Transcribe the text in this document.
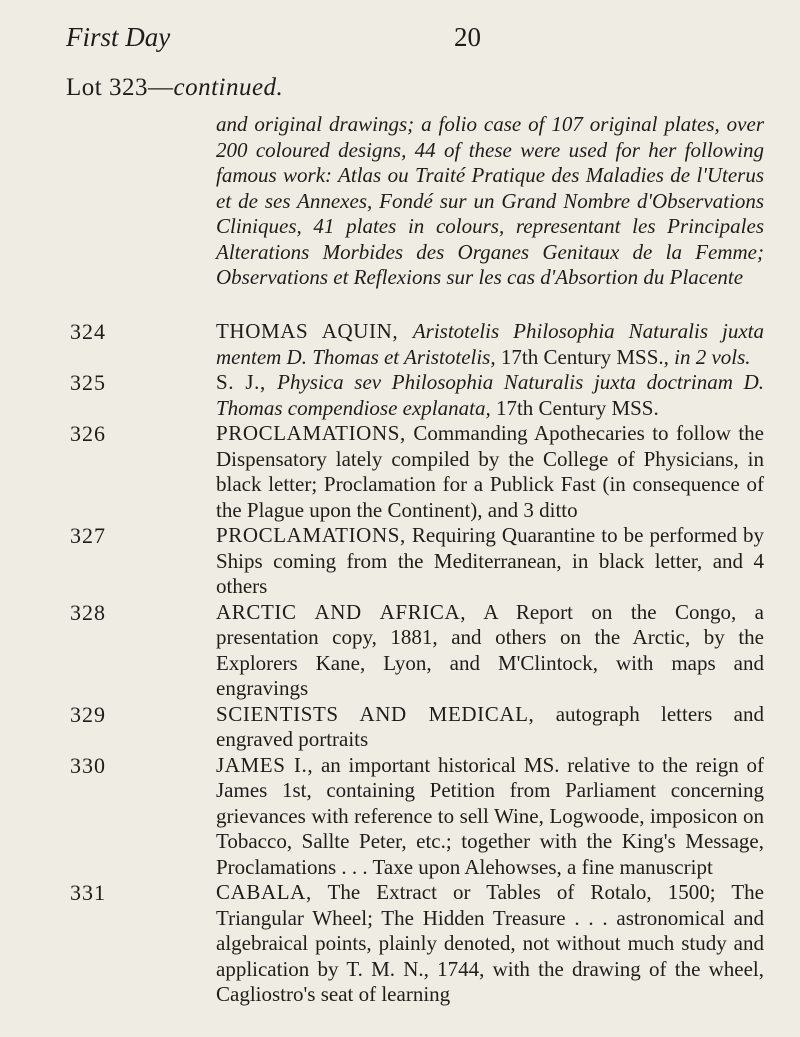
First Day	20
Lot 323—continued.
and original drawings; a folio case of 107 original plates, over 200 coloured designs, 44 of these were used for her following famous work: Atlas ou Traité Pratique des Maladies de l'Uterus et de ses Annexes, Fondé sur un Grand Nombre d'Observations Cliniques, 41 plates in colours, representant les Principales Alterations Morbides des Organes Genitaux de la Femme; Observations et Reflexions sur les cas d'Absortion du Placente
324	THOMAS AQUIN, Aristotelis Philosophia Naturalis juxta mentem D. Thomas et Aristotelis, 17th Century MSS., in 2 vols.
325	S. J., Physica sev Philosophia Naturalis juxta doctrinam D. Thomas compendiose explanata, 17th Century MSS.
326	PROCLAMATIONS, Commanding Apothecaries to follow the Dispensatory lately compiled by the College of Physicians, in black letter; Proclamation for a Publick Fast (in consequence of the Plague upon the Continent), and 3 ditto
327	PROCLAMATIONS, Requiring Quarantine to be performed by Ships coming from the Mediterranean, in black letter, and 4 others
328	ARCTIC AND AFRICA, A Report on the Congo, a presentation copy, 1881, and others on the Arctic, by the Explorers Kane, Lyon, and M'Clintock, with maps and engravings
329	SCIENTISTS AND MEDICAL, autograph letters and engraved portraits
330	JAMES I., an important historical MS. relative to the reign of James 1st, containing Petition from Parliament concerning grievances with reference to sell Wine, Logwoode, imposicon on Tobacco, Sallte Peter, etc.; together with the King's Message, Proclamations . . . Taxe upon Alehowses, a fine manuscript
331	CABALA, The Extract or Tables of Rotalo, 1500; The Triangular Wheel; The Hidden Treasure . . . astronomical and algebraical points, plainly denoted, not without much study and application by T. M. N., 1744, with the drawing of the wheel, Cagliostro's seat of learning
